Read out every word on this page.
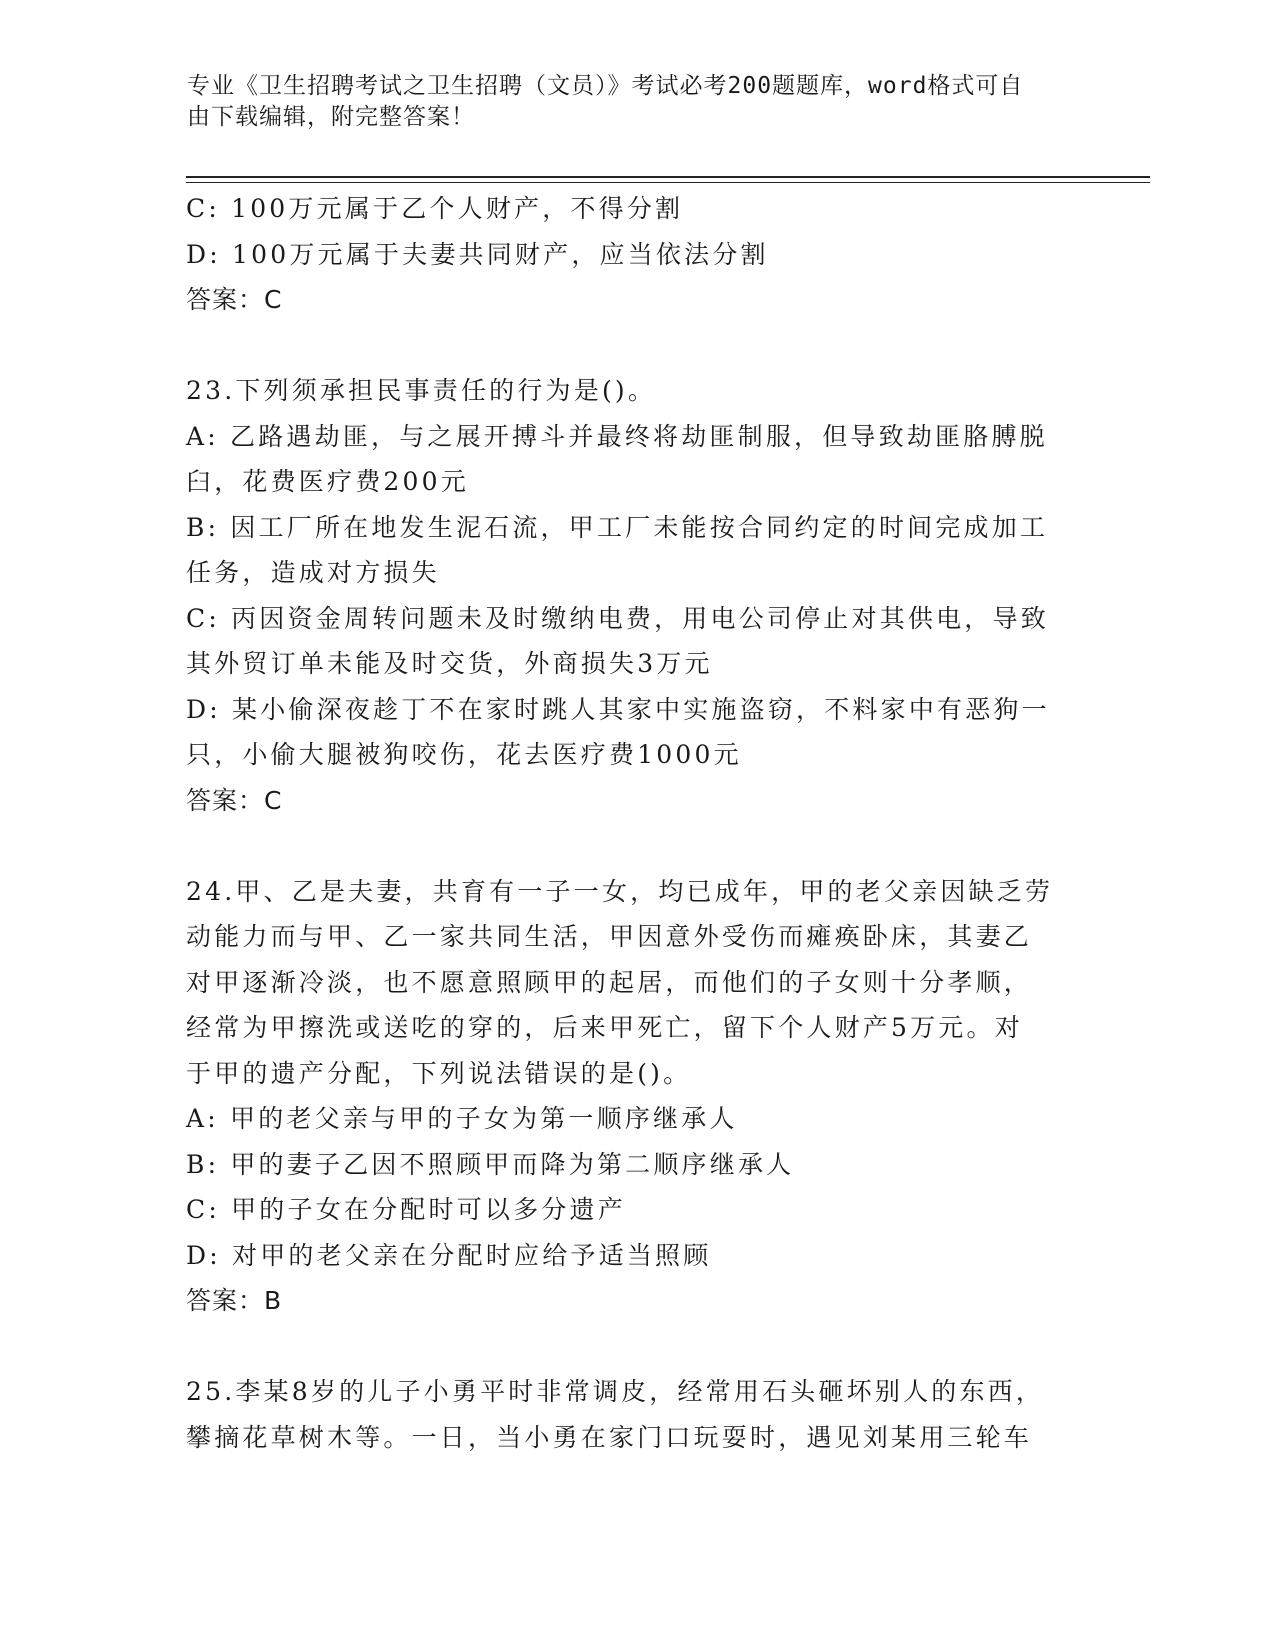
专业《卫生招聘考试之卫生招聘（文员）》考试必考200题题库，word格式可自
由下载编辑，附完整答案！
C: 100万元属于乙个人财产，不得分割
D: 100万元属于夫妻共同财产，应当依法分割
答案：C
23.下列须承担民事责任的行为是()。
A: 乙路遇劫匪，与之展开搏斗并最终将劫匪制服，但导致劫匪胳膊脱
臼，花费医疗费200元
B: 因工厂所在地发生泥石流，甲工厂未能按合同约定的时间完成加工
任务，造成对方损失
C: 丙因资金周转问题未及时缴纳电费，用电公司停止对其供电，导致
其外贸订单未能及时交货，外商损失3万元
D: 某小偷深夜趁丁不在家时跳人其家中实施盗窃，不料家中有恶狗一
只，小偷大腿被狗咬伤，花去医疗费1000元
答案：C
24.甲、乙是夫妻，共育有一子一女，均已成年，甲的老父亲因缺乏劳
动能力而与甲、乙一家共同生活，甲因意外受伤而瘫痪卧床，其妻乙
对甲逐渐冷淡，也不愿意照顾甲的起居，而他们的子女则十分孝顺，
经常为甲擦洗或送吃的穿的，后来甲死亡，留下个人财产5万元。对
于甲的遗产分配，下列说法错误的是()。
A: 甲的老父亲与甲的子女为第一顺序继承人
B: 甲的妻子乙因不照顾甲而降为第二顺序继承人
C: 甲的子女在分配时可以多分遗产
D: 对甲的老父亲在分配时应给予适当照顾
答案：B
25.李某8岁的儿子小勇平时非常调皮，经常用石头砸坏别人的东西，
攀摘花草树木等。一日，当小勇在家门口玩耍时，遇见刘某用三轮车
